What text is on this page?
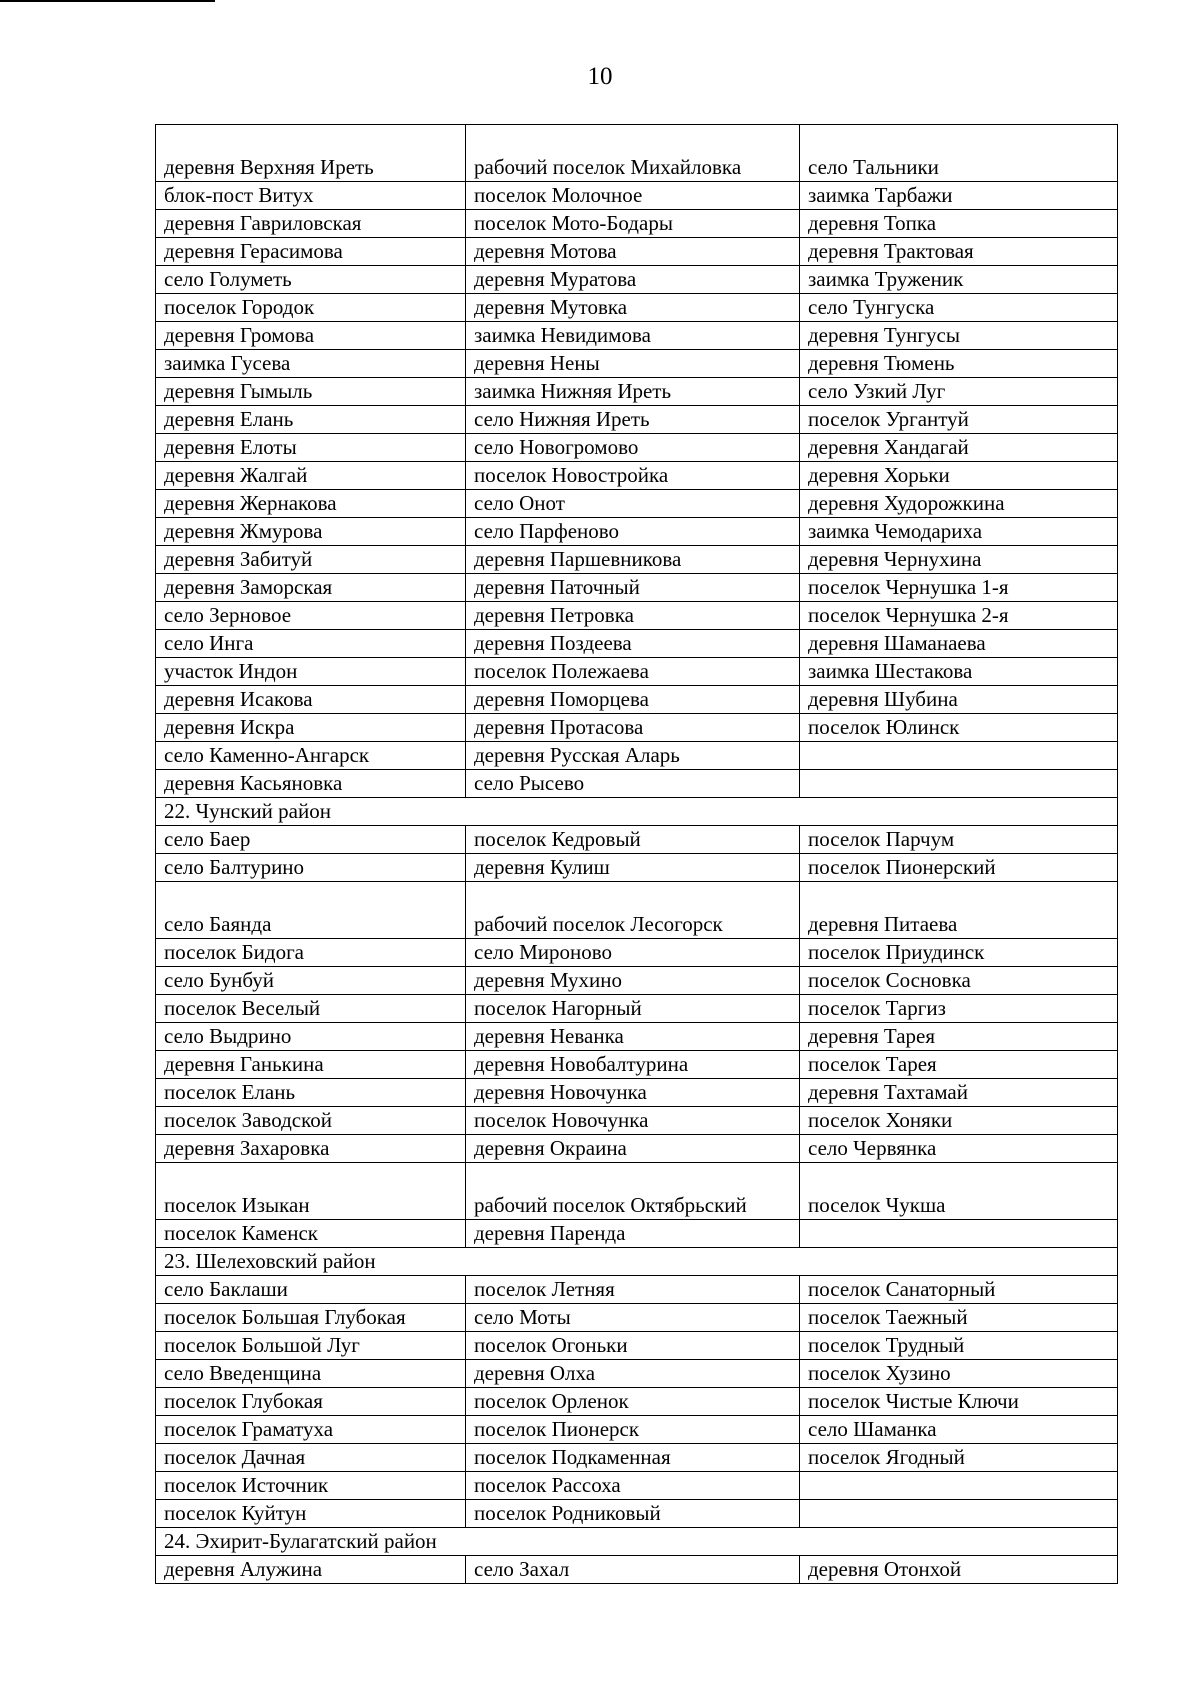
10
деревня Верхняя Иреть	рабочий поселок Михайловка	село Тальники
блок-пост Витух	поселок Молочное	заимка Тарбажи
деревня Гавриловская	поселок Мото-Бодары	деревня Топка
деревня Герасимова	деревня Мотова	деревня Трактовая
село Голуметь	деревня Муратова	заимка Труженик
поселок Городок	деревня Мутовка	село Тунгуска
деревня Громова	заимка Невидимова	деревня Тунгусы
заимка Гусева	деревня Нены	деревня Тюмень
деревня Гымыль	заимка Нижняя Иреть	село Узкий Луг
деревня Елань	село Нижняя Иреть	поселок Ургантуй
деревня Елоты	село Новогромово	деревня Хандагай
деревня Жалгай	поселок Новостройка	деревня Хорьки
деревня Жернакова	село Онот	деревня Худорожкина
деревня Жмурова	село Парфеново	заимка Чемодариха
деревня Забитуй	деревня Паршевникова	деревня Чернухина
деревня Заморская	деревня Паточный	поселок Чернушка 1-я
село Зерновое	деревня Петровка	поселок Чернушка 2-я
село Инга	деревня Поздеева	деревня Шаманаева
участок Индон	поселок Полежаева	заимка Шестакова
деревня Исакова	деревня Поморцева	деревня Шубина
деревня Искра	деревня Протасова	поселок Юлинск
село Каменно-Ангарск	деревня Русская Аларь	
деревня Касьяновка	село Рысево	
22. Чунский район		
село Баер	поселок Кедровый	поселок Парчум
село Балтурино	деревня Кулиш	поселок Пионерский
село Баянда	рабочий поселок Лесогорск	деревня Питаева
поселок Бидога	село Мироново	поселок Приудинск
село Бунбуй	деревня Мухино	поселок Сосновка
поселок Веселый	поселок Нагорный	поселок Таргиз
село Выдрино	деревня Неванка	деревня Тарея
деревня Ганькина	деревня Новобалтурина	поселок Тарея
поселок Елань	деревня Новочунка	деревня Тахтамай
поселок Заводской	поселок Новочунка	поселок Хоняки
деревня Захаровка	деревня Окраина	село Червянка
поселок Изыкан	рабочий поселок Октябрьский	поселок Чукша
поселок Каменск	деревня Паренда	
23. Шелеховский район		
село Баклаши	поселок Летняя	поселок Санаторный
поселок Большая Глубокая	село Моты	поселок Таежный
поселок Большой Луг	поселок Огоньки	поселок Трудный
село Введенщина	деревня Олха	поселок Хузино
поселок Глубокая	поселок Орленок	поселок Чистые Ключи
поселок Граматуха	поселок Пионерск	село Шаманка
поселок Дачная	поселок Подкаменная	поселок Ягодный
поселок Источник	поселок Рассоха	
поселок Куйтун	поселок Родниковый	
24. Эхирит-Булагатский район		
деревня Алужина	село Захал	деревня Отонхой
